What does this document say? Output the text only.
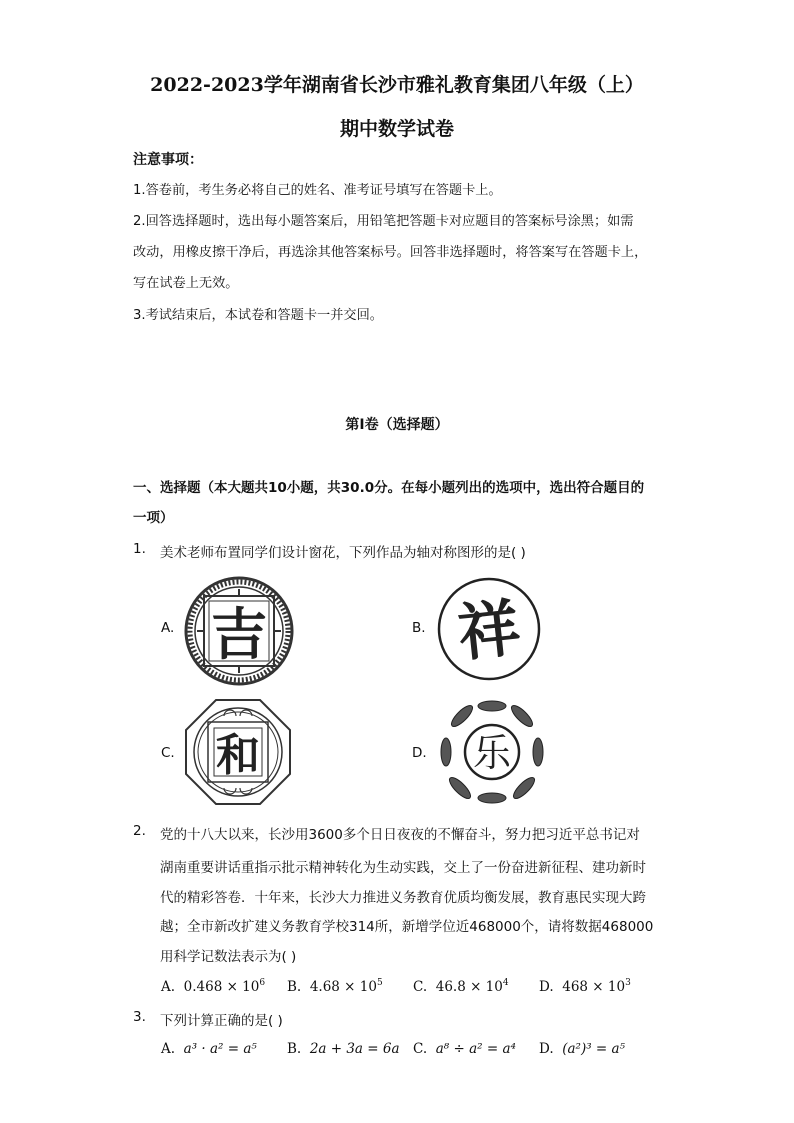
2022-2023学年湖南省长沙市雅礼教育集团八年级（上）
期中数学试卷
注意事项：
1.答卷前，考生务必将自己的姓名、准考证号填写在答题卡上。
2.回答选择题时，选出每小题答案后，用铅笔把答题卡对应题目的答案标号涂黑；如需
改动，用橡皮擦干净后，再选涂其他答案标号。回答非选择题时，将答案写在答题卡上，
写在试卷上无效。
3.考试结束后，本试卷和答题卡一并交回。
第I卷（选择题）
一、选择题（本大题共10小题，共30.0分。在每小题列出的选项中，选出符合题目的
一项）
1. 美术老师布置同学们设计窗花，下列作品为轴对称图形的是( )
A.	B.
C.	D.
吉	祥
和	乐
2. 党的十八大以来，长沙用3600多个日日夜夜的不懈奋斗，努力把习近平总书记对
湖南重要讲话重指示批示精神转化为生动实践，交上了一份奋进新征程、建功新时
代的精彩答卷．十年来，长沙大力推进义务教育优质均衡发展，教育惠民实现大跨
越；全市新改扩建义务教育学校314所，新增学位近468000个，请将数据468000
用科学记数法表示为( )
A. $0.468 \times 10^6$ B. $4.68 \times 10^5$ C. $46.8 \times 10^4$ D. $468 \times 10^3$
3. 下列计算正确的是( )
A. a³ · a² = a⁵ B. 2a + 3a = 6a C. a⁸ ÷ a² = a⁴ D. (a²)³ = a⁵
